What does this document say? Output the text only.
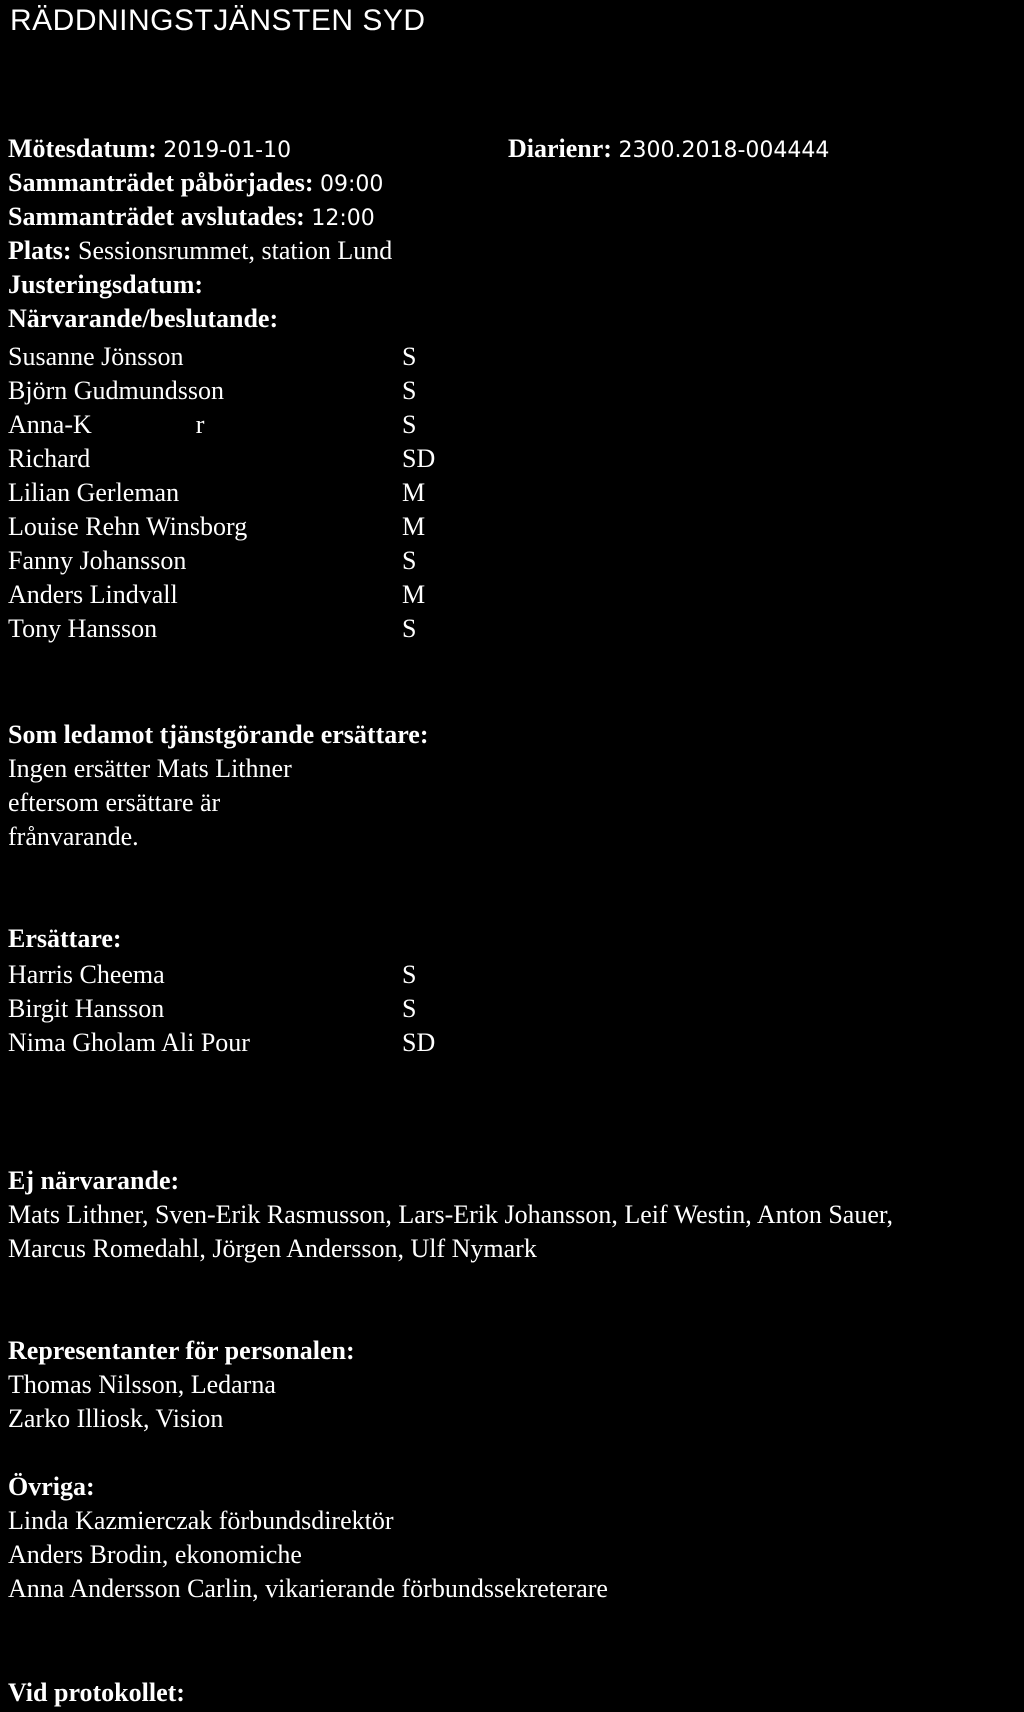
RÄDDNINGSTJÄNSTEN SYD
Mötesdatum: 2019-01-10	Diarienr: 2300.2018-004444
Sammanträdet påbörjades: 09:00
Sammanträdet avslutades: 12:00
Plats: Sessionsrummet, station Lund
Justeringsdatum:
Närvarande/beslutande:
Susanne Jönsson	S
Björn Gudmundsson	S
Anna-K                r	S
Richard	SD
Lilian Gerleman	M
Louise Rehn Winsborg	M
Fanny Johansson	S
Anders Lindvall	M
Tony Hansson	S
Som ledamot tjänstgörande ersättare:
Ingen ersätter Mats Lithner
eftersom ersättare är
frånvarande.
Ersättare:
Harris Cheema	S
Birgit Hansson	S
Nima Gholam Ali Pour	SD
Ej närvarande:
Mats Lithner, Sven-Erik Rasmusson, Lars-Erik Johansson, Leif Westin, Anton Sauer,
Marcus Romedahl, Jörgen Andersson, Ulf Nymark
Representanter för personalen:
Thomas Nilsson, Ledarna
Zarko Illiosk, Vision
Övriga:
Linda Kazmierczak förbundsdirektör
Anders Brodin, ekonomiche
Anna Andersson Carlin, vikarierande förbundssekreterare
Vid protokollet:
